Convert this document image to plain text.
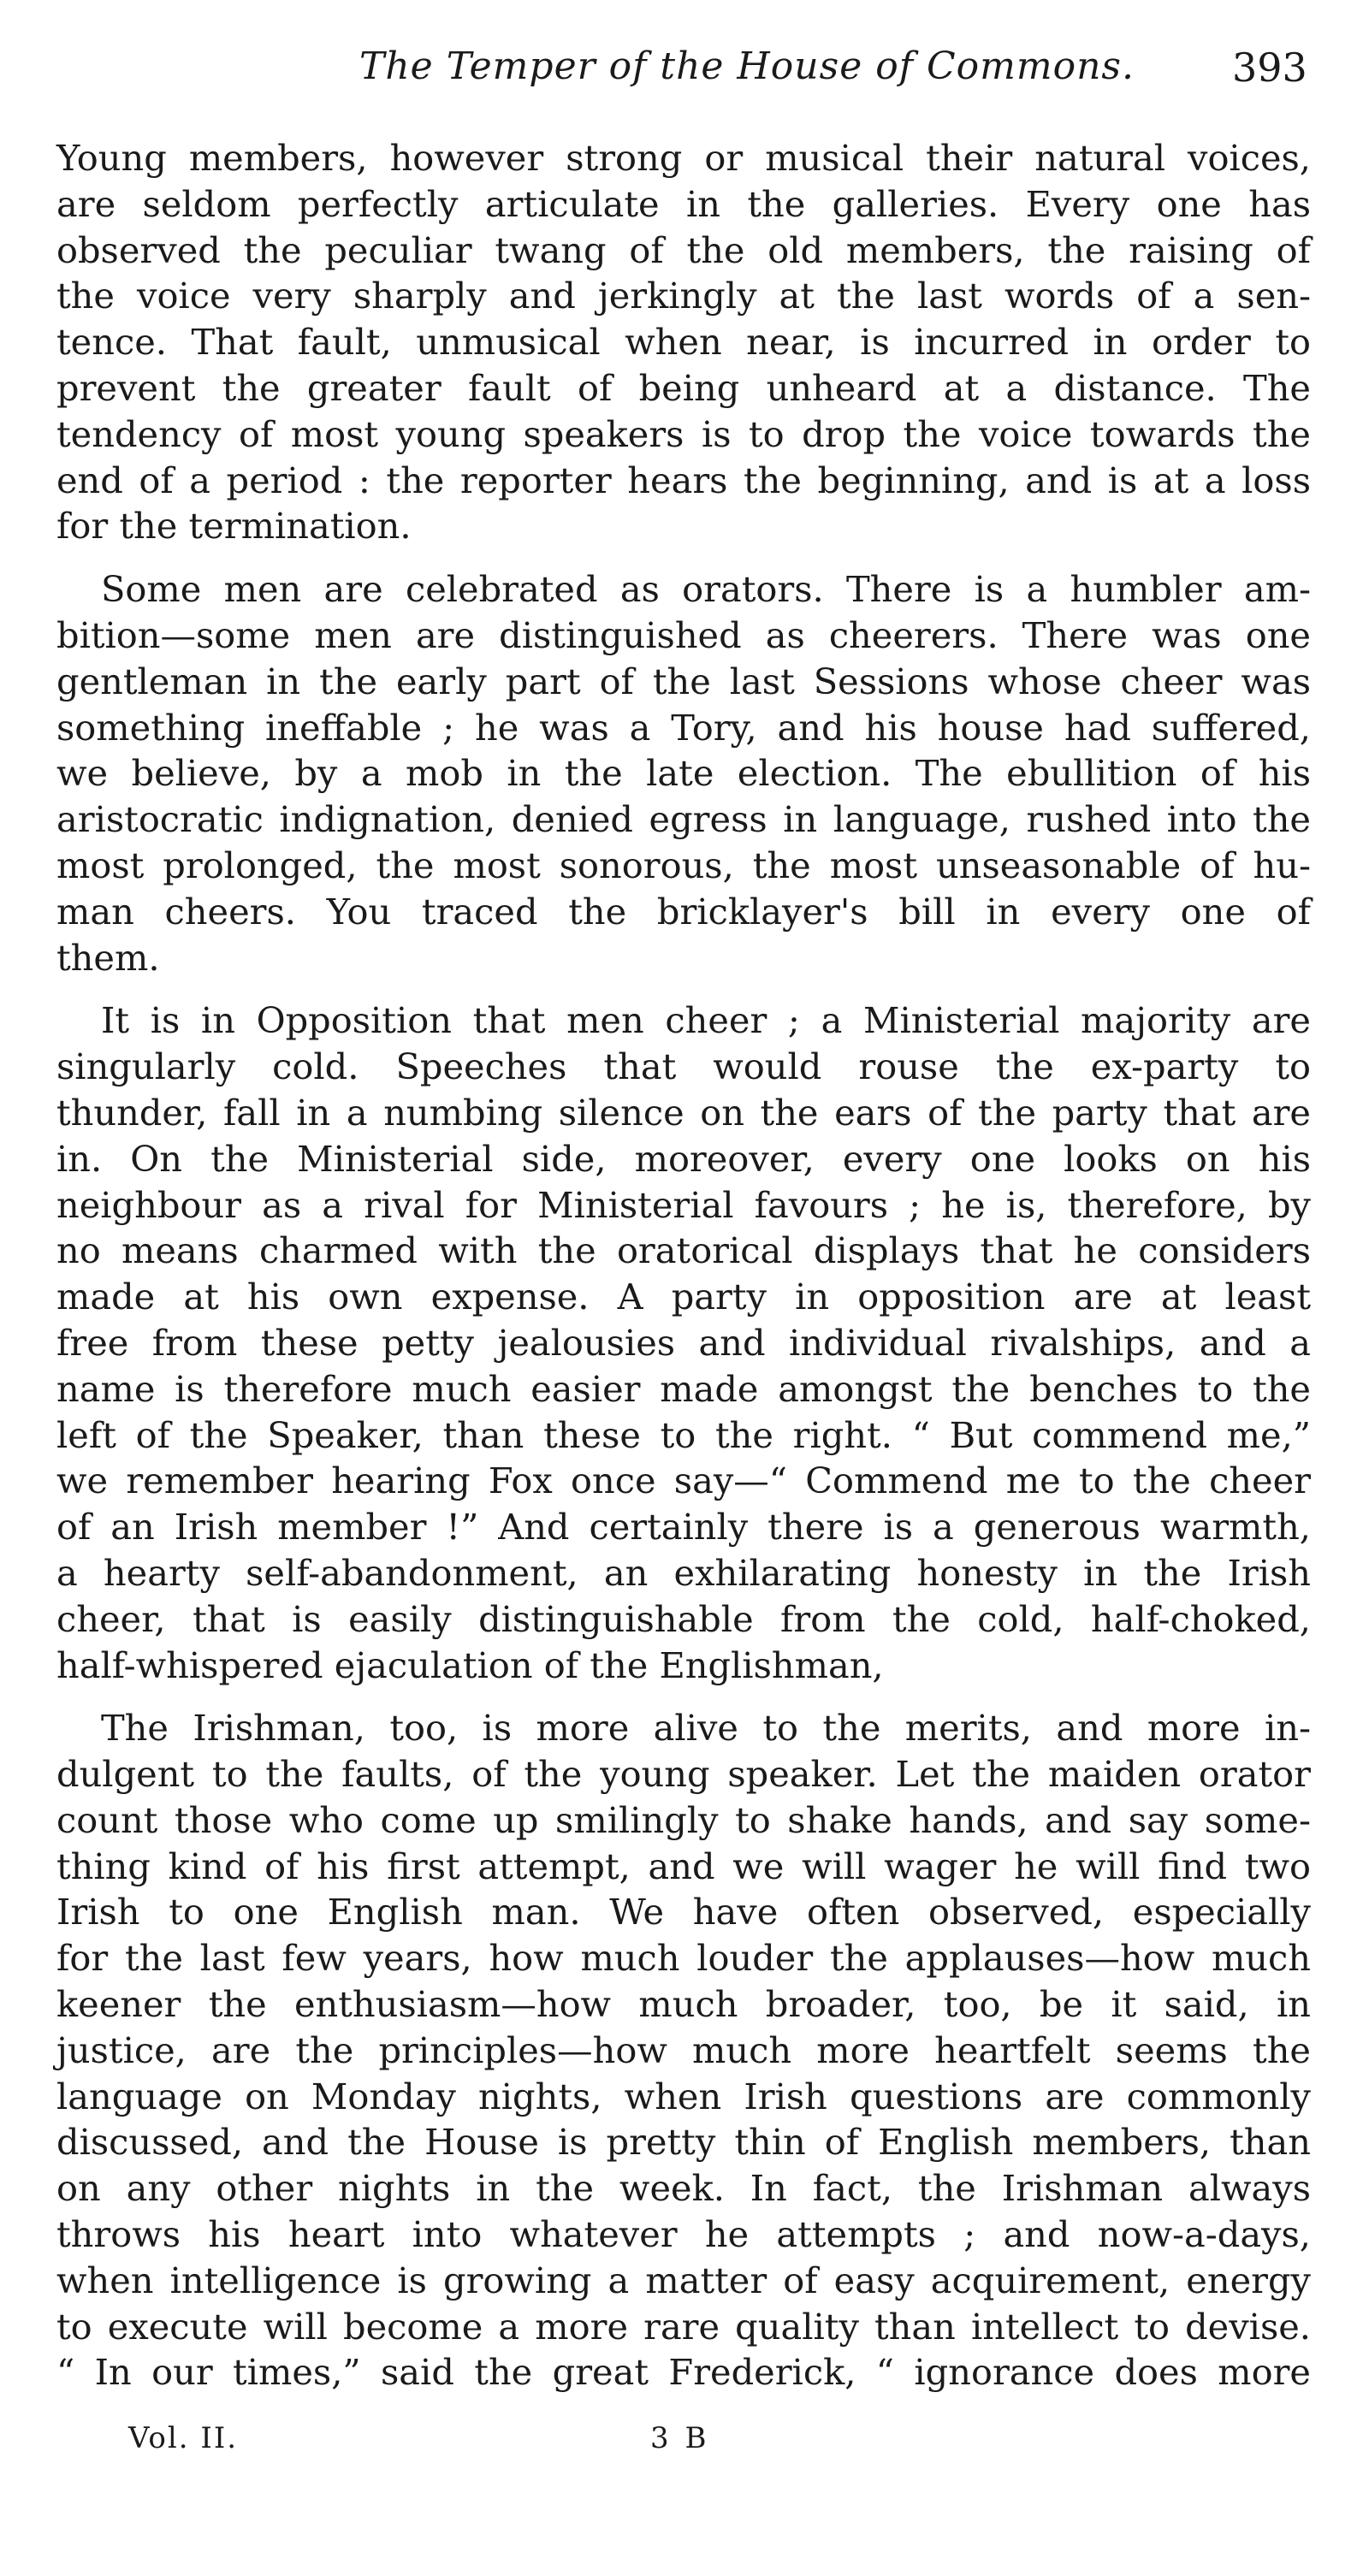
The Temper of the House of Commons. 393

Young members, however strong or musical their natural voices,
are seldom perfectly articulate in the galleries. Every one has
observed the peculiar twang of the old members, the raising of
the voice very sharply and jerkingly at the last words of a sen-
tence. That fault, unmusical when near, is incurred in order to
prevent the greater fault of being unheard at a distance. The
tendency of most young speakers is to drop the voice towards the
end of a period : the reporter hears the beginning, and is at a loss
for the termination.

Some men are celebrated as orators. There is a humbler am-
bition—some men are distinguished as cheerers. There was one
gentleman in the early part of the last Sessions whose cheer was
something ineffable ; he was a Tory, and his house had suffered,
we believe, by a mob in the late election. The ebullition of his
aristocratic indignation, denied egress in language, rushed into the
most prolonged, the most sonorous, the most unseasonable of hu-
man cheers. You traced the bricklayer's bill in every one of
them.

It is in Opposition that men cheer ; a Ministerial majority are
singularly cold. Speeches that would rouse the ex-party to
thunder, fall in a numbing silence on the ears of the party that are
in. On the Ministerial side, moreover, every one looks on his
neighbour as a rival for Ministerial favours ; he is, therefore, by
no means charmed with the oratorical displays that he considers
made at his own expense. A party in opposition are at least
free from these petty jealousies and individual rivalships, and a
name is therefore much easier made amongst the benches to the
left of the Speaker, than these to the right. “ But commend me,”
we remember hearing Fox once say—“ Commend me to the cheer
of an Irish member !” And certainly there is a generous warmth,
a hearty self-abandonment, an exhilarating honesty in the Irish
cheer, that is easily distinguishable from the cold, half-choked,
half-whispered ejaculation of the Englishman,

The Irishman, too, is more alive to the merits, and more in-
dulgent to the faults, of the young speaker. Let the maiden orator
count those who come up smilingly to shake hands, and say some-
thing kind of his first attempt, and we will wager he will find two
Irish to one English man. We have often observed, especially
for the last few years, how much louder the applauses—how much
keener the enthusiasm—how much broader, too, be it said, in
justice, are the principles—how much more heartfelt seems the
language on Monday nights, when Irish questions are commonly
discussed, and the House is pretty thin of English members, than
on any other nights in the week. In fact, the Irishman always
throws his heart into whatever he attempts ; and now-a-days,
when intelligence is growing a matter of easy acquirement, energy
to execute will become a more rare quality than intellect to devise.
“ In our times,” said the great Frederick, “ ignorance does more

Vol. II.	3 B
